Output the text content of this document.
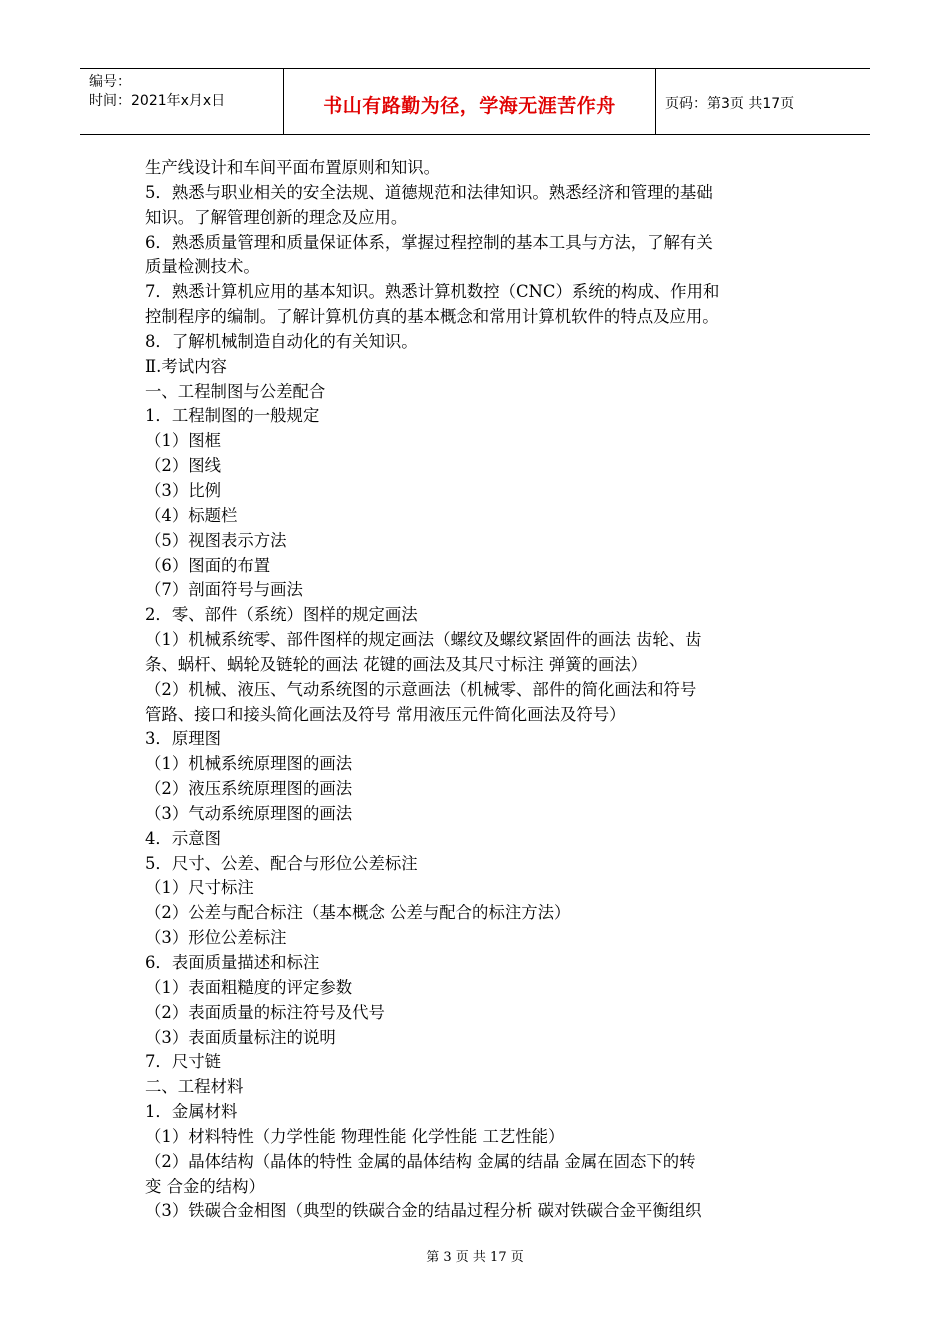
编号：
时间：2021年x月x日	书山有路勤为径，学海无涯苦作舟	页码：第3页 共17页
生产线设计和车间平面布置原则和知识。
5．熟悉与职业相关的安全法规、道德规范和法律知识。熟悉经济和管理的基础
知识。了解管理创新的理念及应用。
6．熟悉质量管理和质量保证体系，掌握过程控制的基本工具与方法，了解有关
质量检测技术。
7．熟悉计算机应用的基本知识。熟悉计算机数控（CNC）系统的构成、作用和
控制程序的编制。了解计算机仿真的基本概念和常用计算机软件的特点及应用。
8．了解机械制造自动化的有关知识。
Ⅱ.考试内容
一、工程制图与公差配合
1．工程制图的一般规定
（1）图框
（2）图线
（3）比例
（4）标题栏
（5）视图表示方法
（6）图面的布置
（7）剖面符号与画法
2．零、部件（系统）图样的规定画法
（1）机械系统零、部件图样的规定画法（螺纹及螺纹紧固件的画法 齿轮、齿
条、蜗杆、蜗轮及链轮的画法 花键的画法及其尺寸标注 弹簧的画法）
（2）机械、液压、气动系统图的示意画法（机械零、部件的简化画法和符号
管路、接口和接头简化画法及符号 常用液压元件简化画法及符号）
3．原理图
（1）机械系统原理图的画法
（2）液压系统原理图的画法
（3）气动系统原理图的画法
4．示意图
5．尺寸、公差、配合与形位公差标注
（1）尺寸标注
（2）公差与配合标注（基本概念 公差与配合的标注方法）
（3）形位公差标注
6．表面质量描述和标注
（1）表面粗糙度的评定参数
（2）表面质量的标注符号及代号
（3）表面质量标注的说明
7．尺寸链
二、工程材料
1．金属材料
（1）材料特性（力学性能 物理性能 化学性能 工艺性能）
（2）晶体结构（晶体的特性 金属的晶体结构 金属的结晶 金属在固态下的转
变 合金的结构）
（3）铁碳合金相图（典型的铁碳合金的结晶过程分析 碳对铁碳合金平衡组织
第 3 页 共 17 页
